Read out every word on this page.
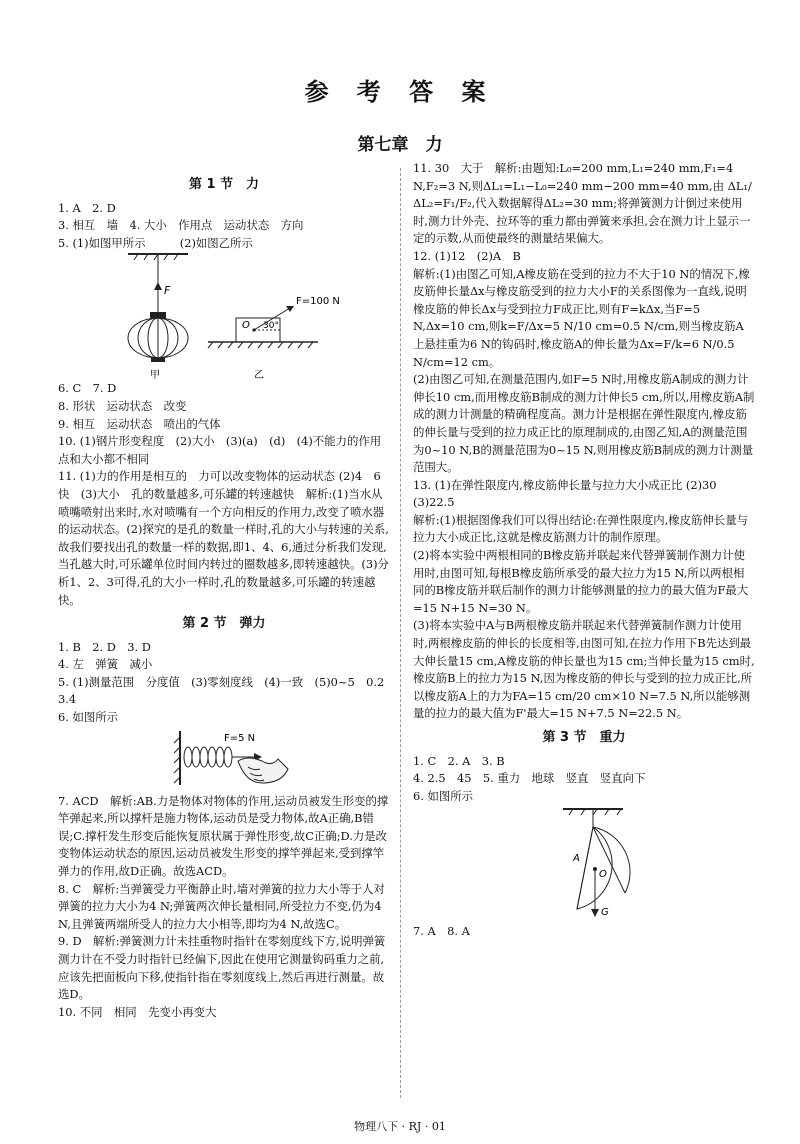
参 考 答 案
第七章　力
第 1 节　力
1. A　2. D
3. 相互　墙　4. 大小　作用点　运动状态　方向
5. (1)如图甲所示　　　(2)如图乙所示
F
甲
O 30°
F=100 N
乙
6. C　7. D
8. 形状　运动状态　改变
9. 相互　运动状态　喷出的气体
10. (1)钢片形变程度　(2)大小　(3)(a)　(d)　(4)不能力的作用点和大小都不相同
11. (1)力的作用是相互的　力可以改变物体的运动状态 (2)4　6　快　(3)大小　孔的数量越多,可乐罐的转速越快　解析:(1)当水从喷嘴喷射出来时,水对喷嘴有一个方向相反的作用力,改变了喷水器的运动状态。(2)探究的是孔的数量一样时,孔的大小与转速的关系,故我们要找出孔的数量一样的数据,即1、4、6,通过分析我们发现,当孔越大时,可乐罐单位时间内转过的圈数越多,即转速越快。(3)分析1、2、3可得,孔的大小一样时,孔的数量越多,可乐罐的转速越快。
第 2 节　弹力
1. B　2. D　3. D
4. 左　弹簧　减小
5. (1)测量范围　分度值　(3)零刻度线　(4)一致　(5)0~5　0.2　3.4
6. 如图所示
F=5 N
7. ACD　解析:AB.力是物体对物体的作用,运动员被发生形变的撑竿弹起来,所以撑杆是施力物体,运动员是受力物体,故A正确,B错误;C.撑杆发生形变后能恢复原状属于弹性形变,故C正确;D.力是改变物体运动状态的原因,运动员被发生形变的撑竿弹起来,受到撑竿弹力的作用,故D正确。故选ACD。
8. C　解析:当弹簧受力平衡静止时,墙对弹簧的拉力大小等于人对弹簧的拉力大小为4 N;弹簧两次伸长量相同,所受拉力不变,仍为4 N,且弹簧两端所受人的拉力大小相等,即均为4 N,故选C。
9. D　解析:弹簧测力计未挂重物时指针在零刻度线下方,说明弹簧测力计在不受力时指针已经偏下,因此在使用它测量钩码重力之前,应该先把面板向下移,使指针指在零刻度线上,然后再进行测量。故选D。
10. 不同　相同　先变小再变大
11. 30　大于　解析:由题知:L₀=200 mm,L₁=240 mm,F₁=4 N,F₂=3 N,则ΔL₁=L₁−L₀=240 mm−200 mm=40 mm,由 ΔL₁/ΔL₂=F₁/F₂,代入数据解得ΔL₂=30 mm;将弹簧测力计倒过来使用时,测力计外壳、拉环等的重力都由弹簧来承担,会在测力计上显示一定的示数,从而使最终的测量结果偏大。
12. (1)12　(2)A　B
解析:(1)由图乙可知,A橡皮筋在受到的拉力不大于10 N的情况下,橡皮筋伸长量Δx与橡皮筋受到的拉力大小F的关系图像为一直线,说明橡皮筋的伸长Δx与受到拉力F成正比,则有F=kΔx,当F=5 N,Δx=10 cm,则k=F/Δx=5 N/10 cm=0.5 N/cm,则当橡皮筋A上悬挂重为6 N的钩码时,橡皮筋A的伸长量为Δx=F/k=6 N/0.5 N/cm=12 cm。
(2)由图乙可知,在测量范围内,如F=5 N时,用橡皮筋A制成的测力计伸长10 cm,而用橡皮筋B制成的测力计伸长5 cm,所以,用橡皮筋A制成的测力计测量的精确程度高。测力计是根据在弹性限度内,橡皮筋的伸长量与受到的拉力成正比的原理制成的,由图乙知,A的测量范围为0~10 N,B的测量范围为0~15 N,则用橡皮筋B制成的测力计测量范围大。
13. (1)在弹性限度内,橡皮筋伸长量与拉力大小成正比 (2)30　(3)22.5
解析:(1)根据图像我们可以得出结论:在弹性限度内,橡皮筋伸长量与拉力大小成正比,这就是橡皮筋测力计的制作原理。
(2)将本实验中两根相同的B橡皮筋并联起来代替弹簧制作测力计使用时,由图可知,每根B橡皮筋所承受的最大拉力为15 N,所以两根相同的B橡皮筋并联后制作的测力计能够测量的拉力的最大值为F最大=15 N+15 N=30 N。
(3)将本实验中A与B两根橡皮筋并联起来代替弹簧制作测力计使用时,两根橡皮筋的伸长的长度相等,由图可知,在拉力作用下B先达到最大伸长量15 cm,A橡皮筋的伸长量也为15 cm;当伸长量为15 cm时,橡皮筋B上的拉力为15 N,因为橡皮筋的伸长与受到的拉力成正比,所以橡皮筋A上的力为FA=15 cm/20 cm×10 N=7.5 N,所以能够测量的拉力的最大值为F'最大=15 N+7.5 N=22.5 N。
第 3 节　重力
1. C　2. A　3. B
4. 2.5　45　5. 重力　地球　竖直　竖直向下
6. 如图所示
A
O
G
7. A　8. A
物理八下 · RJ · 01
